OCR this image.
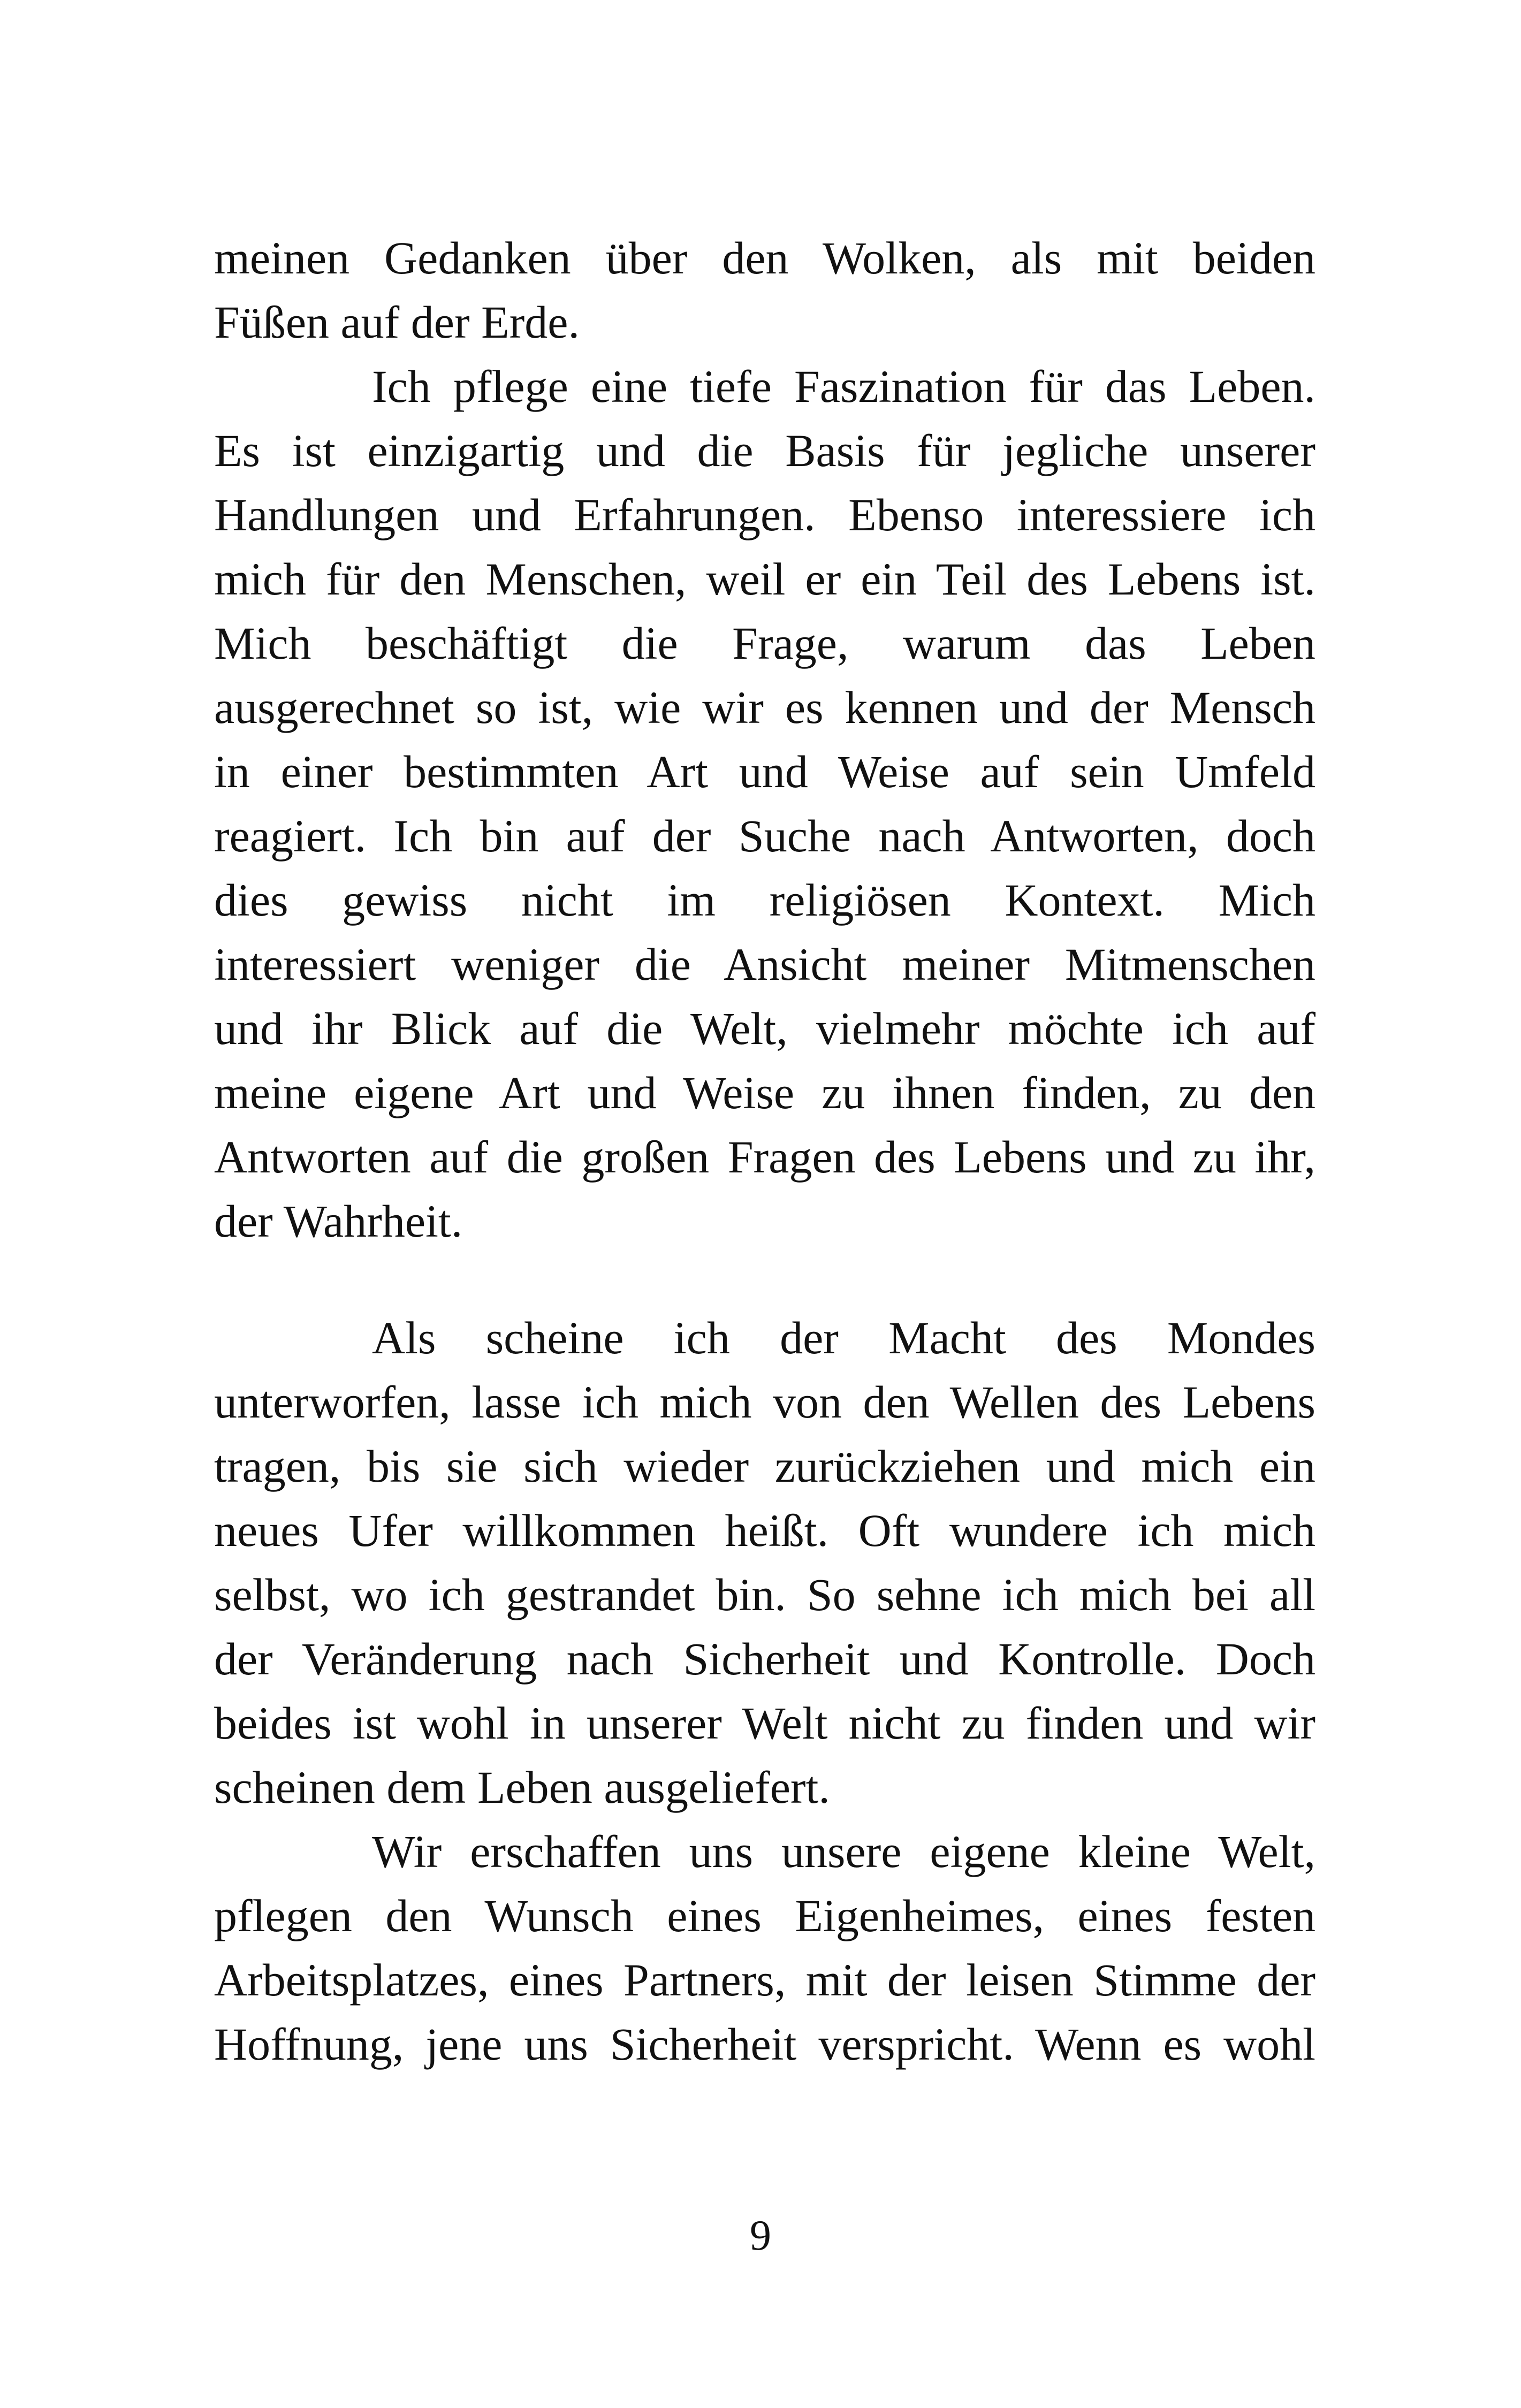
meinen Gedanken über den Wolken, als mit beiden
Füßen auf der Erde.
Ich pflege eine tiefe Faszination für das Leben.
Es ist einzigartig und die Basis für jegliche unserer
Handlungen und Erfahrungen. Ebenso interessiere ich
mich für den Menschen, weil er ein Teil des Lebens ist.
Mich beschäftigt die Frage, warum das Leben
ausgerechnet so ist, wie wir es kennen und der Mensch
in einer bestimmten Art und Weise auf sein Umfeld
reagiert. Ich bin auf der Suche nach Antworten, doch
dies gewiss nicht im religiösen Kontext. Mich
interessiert weniger die Ansicht meiner Mitmenschen
und ihr Blick auf die Welt, vielmehr möchte ich auf
meine eigene Art und Weise zu ihnen finden, zu den
Antworten auf die großen Fragen des Lebens und zu ihr,
der Wahrheit.
Als scheine ich der Macht des Mondes
unterworfen, lasse ich mich von den Wellen des Lebens
tragen, bis sie sich wieder zurückziehen und mich ein
neues Ufer willkommen heißt. Oft wundere ich mich
selbst, wo ich gestrandet bin. So sehne ich mich bei all
der Veränderung nach Sicherheit und Kontrolle. Doch
beides ist wohl in unserer Welt nicht zu finden und wir
scheinen dem Leben ausgeliefert.
Wir erschaffen uns unsere eigene kleine Welt,
pflegen den Wunsch eines Eigenheimes, eines festen
Arbeitsplatzes, eines Partners, mit der leisen Stimme der
Hoffnung, jene uns Sicherheit verspricht. Wenn es wohl
9
